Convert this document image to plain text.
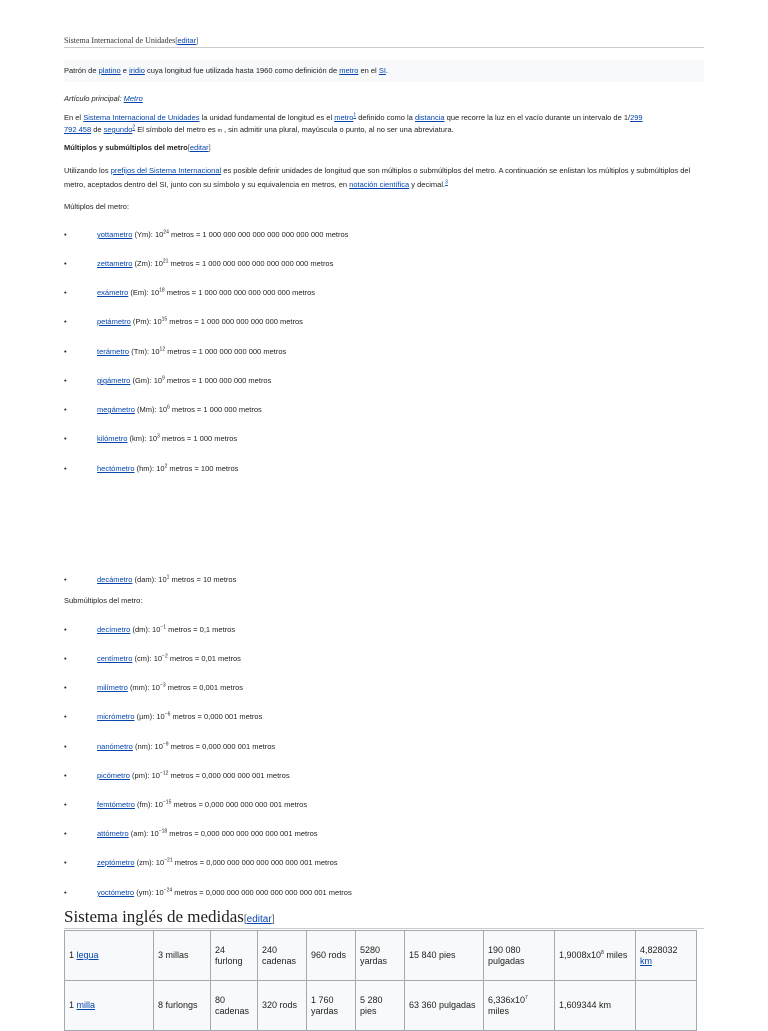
Sistema Internacional de Unidades[editar]
Patrón de platino e iridio cuya longitud fue utilizada hasta 1960 como definición de metro en el SI.
Artículo principal: Metro
En el Sistema Internacional de Unidades la unidad fundamental de longitud es el metro$^1$ definido como la distancia que recorre la luz en el vacío durante un intervalo de 1/299
792 458 de segundo$^2$ El símbolo del metro es m , sin admitir una plural, mayúscula o punto, al no ser una abreviatura.
Múltiplos y submúltiplos del metro[editar]
Utilizando los prefijos del Sistema Internacional es posible definir unidades de longitud que son múltiplos o submúltiplos del metro. A continuación se enlistan los múltiplos y submúltiplos del metro, aceptados dentro del SI, junto con su símbolo y su equivalencia en metros, en notación científica y decimal.$^3$
Múltiplos del metro:
•	yottametro (Ym): $10^{24}$ metros = 1 000 000 000 000 000 000 000 000 metros
•	zettametro (Zm): $10^{21}$ metros = 1 000 000 000 000 000 000 000 metros
•	exámetro (Em): $10^{18}$ metros = 1 000 000 000 000 000 000 metros
•	petámetro (Pm): $10^{15}$ metros = 1 000 000 000 000 000 metros
•	terámetro (Tm): $10^{12}$ metros = 1 000 000 000 000 metros
•	gigámetro (Gm): $10^9$ metros = 1 000 000 000 metros
•	megámetro (Mm): $10^6$ metros = 1 000 000 metros
•	kilómetro (km): $10^3$ metros = 1 000 metros
•	hectómetro (hm): $10^2$ metros = 100 metros
•	decámetro (dam): $10^1$ metros = 10 metros
Submúltiplos del metro:
•	decímetro (dm): $10^{-1}$ metros = 0,1 metros
•	centímetro (cm): $10^{-2}$ metros = 0,01 metros
•	milímetro (mm): $10^{-3}$ metros = 0,001 metros
•	micrómetro (µm): $10^{-6}$ metros = 0,000 001 metros
•	nanómetro (nm): $10^{-9}$ metros = 0,000 000 001 metros
•	picómetro (pm): $10^{-12}$ metros = 0,000 000 000 001 metros
•	femtómetro (fm): $10^{-15}$ metros = 0,000 000 000 000 001 metros
•	attómetro (am): $10^{-18}$ metros = 0,000 000 000 000 000 001 metros
•	zeptómetro (zm): $10^{-21}$ metros = 0,000 000 000 000 000 000 001 metros
•	yoctómetro (ym): $10^{-24}$ metros = 0,000 000 000 000 000 000 000 001 metros
Sistema inglés de medidas[editar]
1 legua	3 millas	24 furlong	240 cadenas	960 rods	5280 yardas	15 840 pies	190 080 pulgadas	$1,9008x10^8$ miles	4,828032 km
1 milla	8 furlongs	80 cadenas	320 rods	1 760 yardas	5 280 pies	63 360 pulgadas	$6,336x10^7$ miles	1,609344 km	
